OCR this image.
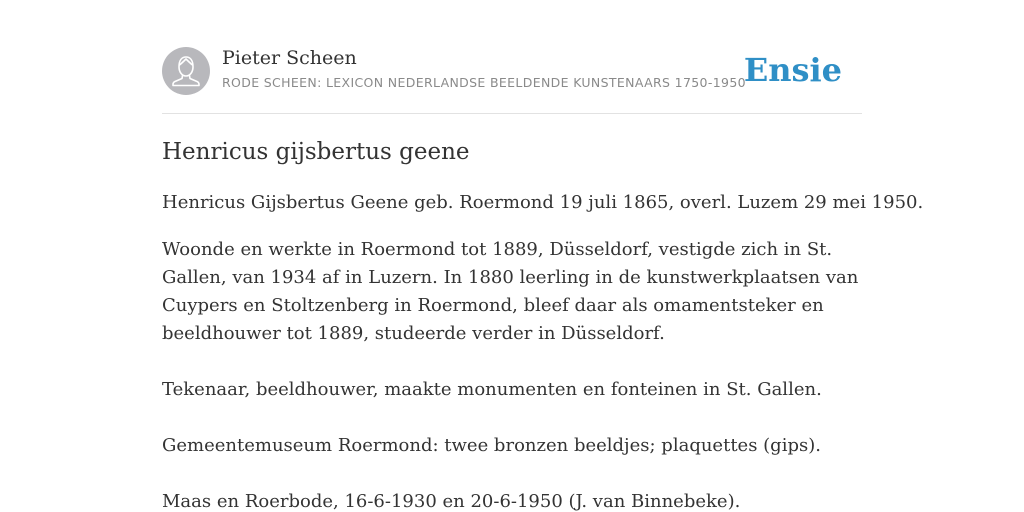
Pieter Scheen
RODE SCHEEN: LEXICON NEDERLANDSE BEELDENDE KUNSTENAARS 1750-1950
Ensie
Henricus gijsbertus geene

Henricus Gijsbertus Geene geb. Roermond 19 juli 1865, overl. Luzem 29 mei 1950.

Woonde en werkte in Roermond tot 1889, Düsseldorf, vestigde zich in St. Gallen, van 1934 af in Luzern. In 1880 leerling in de kunstwerkplaatsen van Cuypers en Stoltzenberg in Roermond, bleef daar als omamentsteker en beeldhouwer tot 1889, studeerde verder in Düsseldorf.

Tekenaar, beeldhouwer, maakte monumenten en fonteinen in St. Gallen.

Gemeentemuseum Roermond: twee bronzen beeldjes; plaquettes (gips).

Maas en Roerbode, 16-6-1930 en 20-6-1950 (J. van Binnebeke).
